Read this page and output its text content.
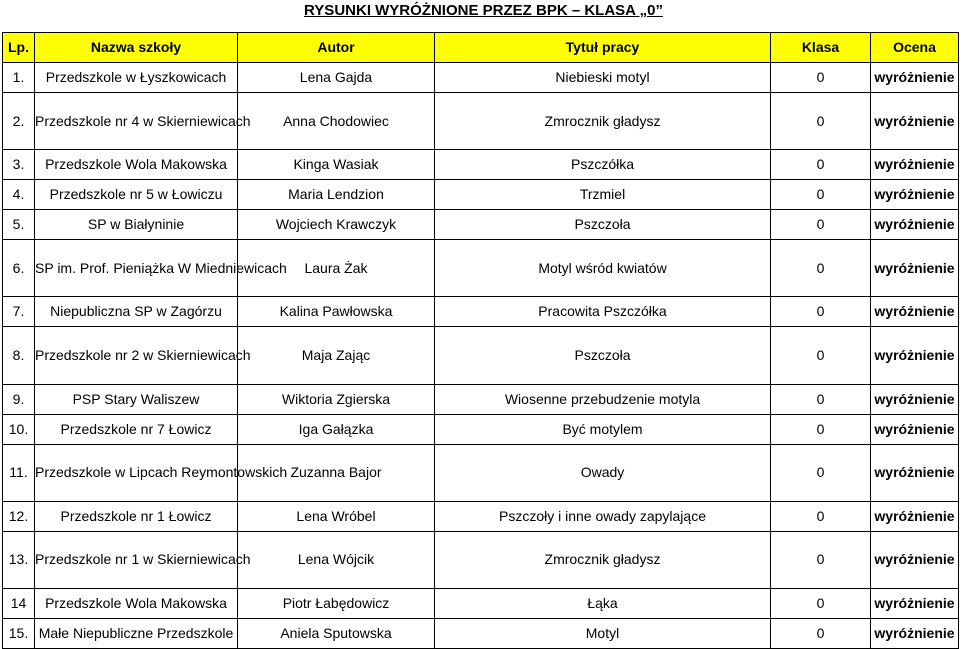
RYSUNKI WYRÓŻNIONE PRZEZ BPK – KLASA „0”
Lp.	Nazwa szkoły	Autor	Tytuł pracy	Klasa	Ocena
1.	Przedszkole w Łyszkowicach	Lena Gajda	Niebieski motyl	0	wyróżnienie
2.	Przedszkole nr 4 w Skierniewicach	Anna Chodowiec	Zmrocznik gładysz	0	wyróżnienie
3.	Przedszkole Wola Makowska	Kinga Wasiak	Pszczółka	0	wyróżnienie
4.	Przedszkole nr 5 w Łowiczu	Maria Lendzion	Trzmiel	0	wyróżnienie
5.	SP w Białyninie	Wojciech Krawczyk	Pszczoła	0	wyróżnienie
6.	SP im. Prof. Pieniążka W Miedniewicach	Laura Żak	Motyl wśród kwiatów	0	wyróżnienie
7.	Niepubliczna SP w Zagórzu	Kalina Pawłowska	Pracowita Pszczółka	0	wyróżnienie
8.	Przedszkole nr 2 w Skierniewicach	Maja Zając	Pszczoła	0	wyróżnienie
9.	PSP Stary Waliszew	Wiktoria Zgierska	Wiosenne przebudzenie motyla	0	wyróżnienie
10.	Przedszkole nr 7 Łowicz	Iga Gałązka	Być motylem	0	wyróżnienie
11.	Przedszkole w Lipcach Reymontowskich	Zuzanna Bajor	Owady	0	wyróżnienie
12.	Przedszkole nr 1 Łowicz	Lena Wróbel	Pszczoły i inne owady zapylające	0	wyróżnienie
13.	Przedszkole nr 1 w Skierniewicach	Lena Wójcik	Zmrocznik gładysz	0	wyróżnienie
14	Przedszkole Wola Makowska	Piotr Łabędowicz	Łąka	0	wyróżnienie
15.	Małe Niepubliczne Przedszkole	Aniela Sputowska	Motyl	0	wyróżnienie
